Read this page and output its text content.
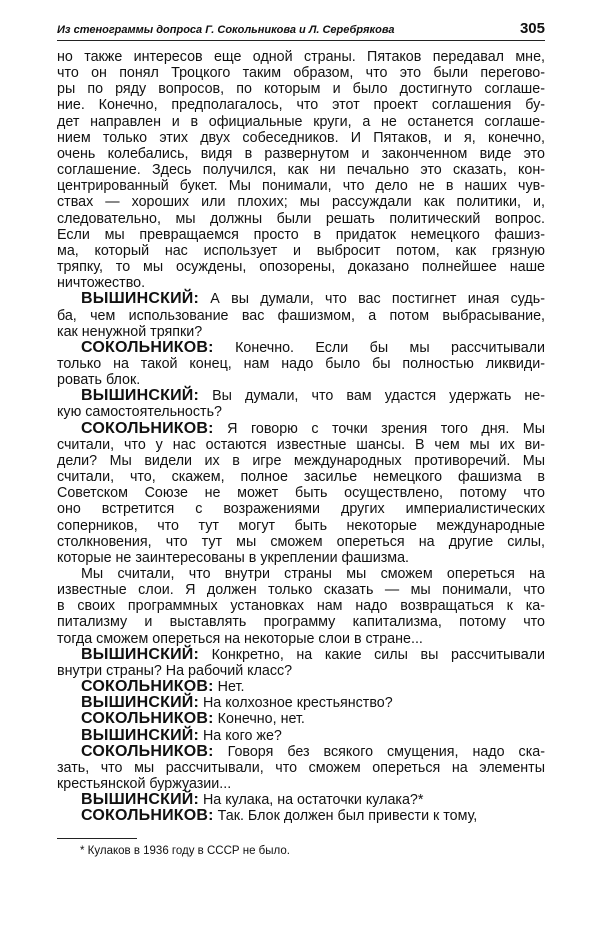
Из стенограммы допроса Г. Сокольникова и Л. Серебрякова	305
но также интересов еще одной страны. Пятаков передавал мне,
что он понял Троцкого таким образом, что это были перегово-
ры по ряду вопросов, по которым и было достигнуто соглаше-
ние. Конечно, предполагалось, что этот проект соглашения бу-
дет направлен и в официальные круги, а не останется соглаше-
нием только этих двух собеседников. И Пятаков, и я, конечно,
очень колебались, видя в развернутом и законченном виде это
соглашение. Здесь получился, как ни печально это сказать, кон-
центрированный букет. Мы понимали, что дело не в наших чув-
ствах — хороших или плохих; мы рассуждали как политики, и,
следовательно, мы должны были решать политический вопрос.
Если мы превращаемся просто в придаток немецкого фашиз-
ма, который нас использует и выбросит потом, как грязную
тряпку, то мы осуждены, опозорены, доказано полнейшее наше
ничтожество.
ВЫШИНСКИЙ: А вы думали, что вас постигнет иная судь-
ба, чем использование вас фашизмом, а потом выбрасывание,
как ненужной тряпки?
СОКОЛЬНИКОВ: Конечно. Если бы мы рассчитывали
только на такой конец, нам надо было бы полностью ликвиди-
ровать блок.
ВЫШИНСКИЙ: Вы думали, что вам удастся удержать не-
кую самостоятельность?
СОКОЛЬНИКОВ: Я говорю с точки зрения того дня. Мы
считали, что у нас остаются известные шансы. В чем мы их ви-
дели? Мы видели их в игре международных противоречий. Мы
считали, что, скажем, полное засилье немецкого фашизма в
Советском Союзе не может быть осуществлено, потому что
оно встретится с возражениями других империалистических
соперников, что тут могут быть некоторые международные
столкновения, что тут мы сможем опереться на другие силы,
которые не заинтересованы в укреплении фашизма.
Мы считали, что внутри страны мы сможем опереться на
известные слои. Я должен только сказать — мы понимали, что
в своих программных установках нам надо возвращаться к ка-
питализму и выставлять программу капитализма, потому что
тогда сможем опереться на некоторые слои в стране...
ВЫШИНСКИЙ: Конкретно, на какие силы вы рассчитывали
внутри страны? На рабочий класс?
СОКОЛЬНИКОВ: Нет.
ВЫШИНСКИЙ: На колхозное крестьянство?
СОКОЛЬНИКОВ: Конечно, нет.
ВЫШИНСКИЙ: На кого же?
СОКОЛЬНИКОВ: Говоря без всякого смущения, надо ска-
зать, что мы рассчитывали, что сможем опереться на элементы
крестьянской буржуазии...
ВЫШИНСКИЙ: На кулака, на остаточки кулака?*
СОКОЛЬНИКОВ: Так. Блок должен был привести к тому,
* Кулаков в 1936 году в СССР не было.
